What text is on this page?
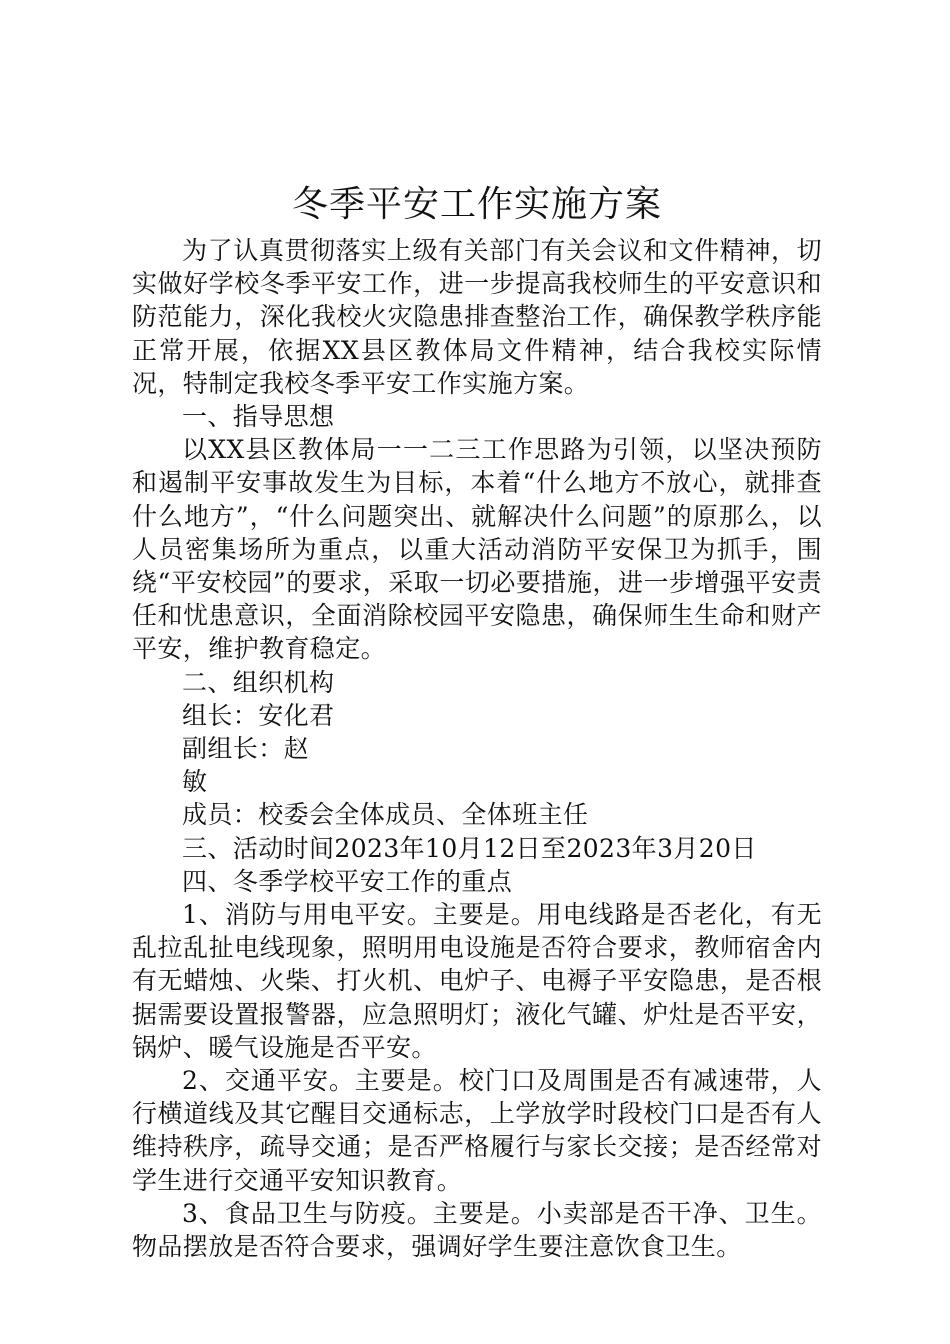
冬季平安工作实施方案

为了认真贯彻落实上级有关部门有关会议和文件精神，切实做好学校冬季平安工作，进一步提高我校师生的平安意识和防范能力，深化我校火灾隐患排查整治工作，确保教学秩序能正常开展，依据XX县区教体局文件精神，结合我校实际情况，特制定我校冬季平安工作实施方案。

一、指导思想

以XX县区教体局一一二三工作思路为引领，以坚决预防和遏制平安事故发生为目标，本着“什么地方不放心，就排查什么地方”，“什么问题突出、就解决什么问题”的原那么，以人员密集场所为重点，以重大活动消防平安保卫为抓手，围绕“平安校园”的要求，采取一切必要措施，进一步增强平安责任和忧患意识，全面消除校园平安隐患，确保师生生命和财产平安，维护教育稳定。

二、组织机构

组长：安化君

副组长：赵

敏

成员：校委会全体成员、全体班主任

三、活动时间2023年10月12日至2023年3月20日

四、冬季学校平安工作的重点

1、消防与用电平安。主要是。用电线路是否老化，有无乱拉乱扯电线现象，照明用电设施是否符合要求，教师宿舍内有无蜡烛、火柴、打火机、电炉子、电褥子平安隐患，是否根据需要设置报警器，应急照明灯；液化气罐、炉灶是否平安，锅炉、暖气设施是否平安。

2、交通平安。主要是。校门口及周围是否有减速带，人行横道线及其它醒目交通标志，上学放学时段校门口是否有人维持秩序，疏导交通；是否严格履行与家长交接；是否经常对学生进行交通平安知识教育。

3、食品卫生与防疫。主要是。小卖部是否干净、卫生。物品摆放是否符合要求，强调好学生要注意饮食卫生。
